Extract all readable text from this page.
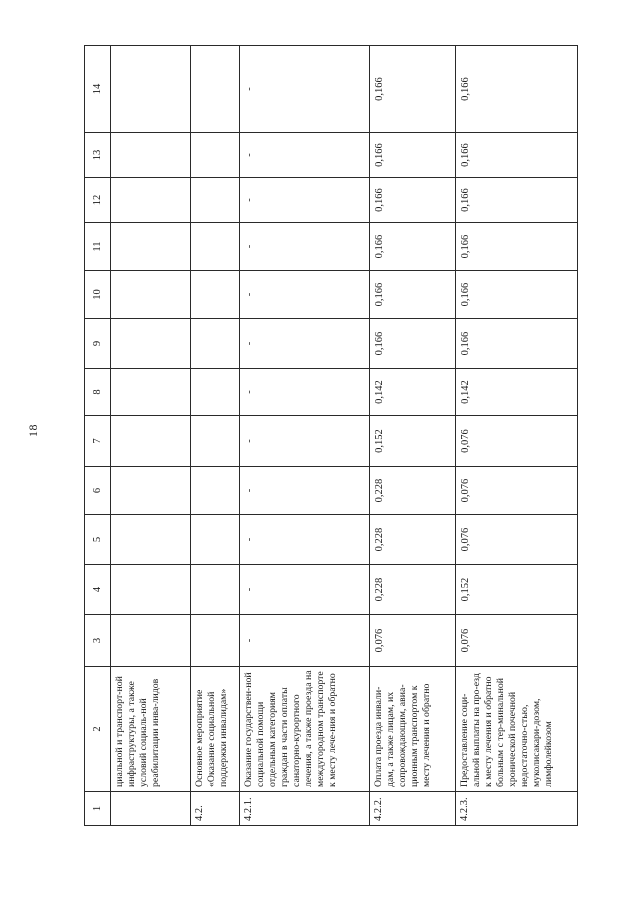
18
1	2	3	4	5	6	7	8	9	10	11	12	13	14
	циальной и транспорт-ной инфраструктуры, а также условий социаль-ной реабилитации инва-лидов												
4.2.	Основное мероприятие «Оказание социальной поддержки инвалидам»												
4.2.1.	Оказание государствен-ной социальной помощи отдельным категориям граждан в части оплаты санаторно-курортного лечения, а также проезда на междугородном транспорте к месту лече-ния и обратно	-	-	-	-	-	-	-	-	-	-	-	-
4.2.2.	Оплата проезда инвали-дам, а также лицам, их сопровождающим, авиа-ционным транспортом к месту лечения и обратно	0,076	0,228	0,228	0,228	0,152	0,142	0,166	0,166	0,166	0,166	0,166	0,166
4.2.3.	Предоставление соци-альной выплаты на про-езд к месту лечения и обратно больным с тер-минальной хронической почечной недостаточно-стью, муколисакари-дозом, лимфолейкозом	0,076	0,152	0,076	0,076	0,076	0,142	0,166	0,166	0,166	0,166	0,166	0,166
